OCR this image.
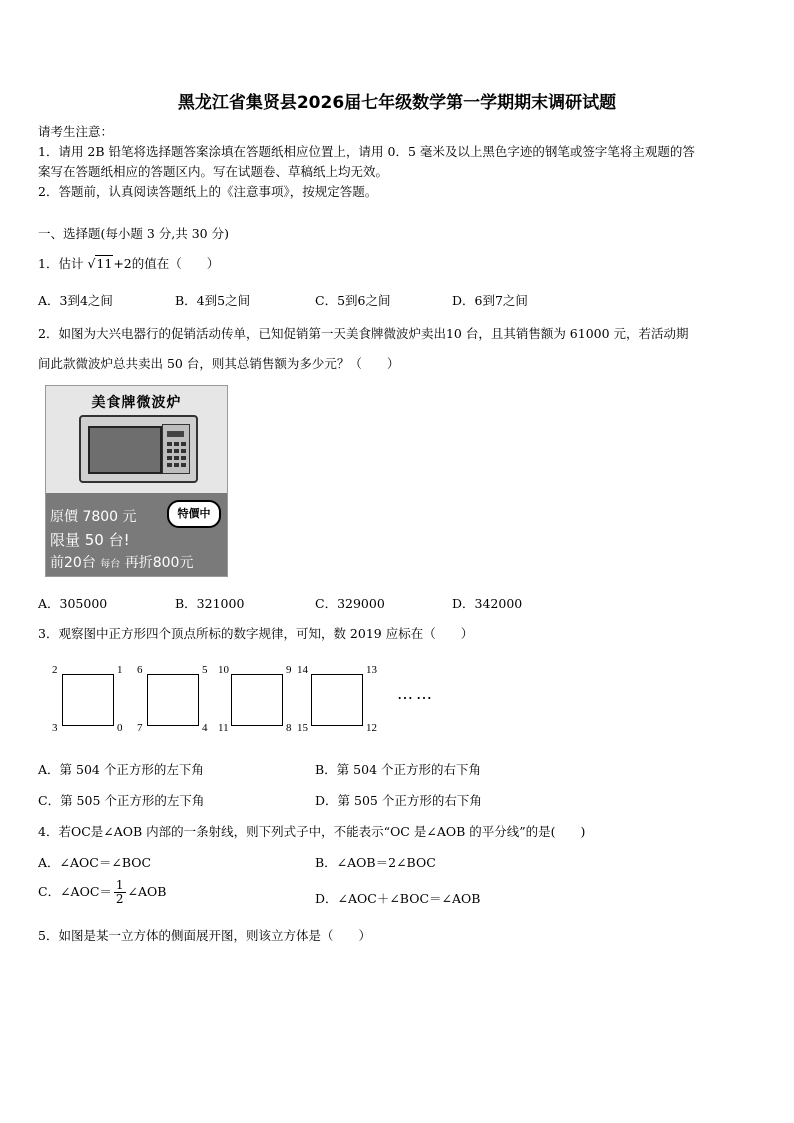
黑龙江省集贤县2026届七年级数学第一学期期末调研试题
请考生注意：
1．请用 2B 铅笔将选择题答案涂填在答题纸相应位置上，请用 0．5 毫米及以上黑色字迹的钢笔或签字笔将主观题的答
案写在答题纸相应的答题区内。写在试题卷、草稿纸上均无效。
2．答题前，认真阅读答题纸上的《注意事项》，按规定答题。
一、选择题(每小题 3 分,共 30 分)
1．估计 √11+2的值在（　　）
A．3到4之间	B．4到5之间	C．5到6之间	D．6到7之间
2．如图为大兴电器行的促销活动传单，已知促销第一天美食牌微波炉卖出10 台，且其销售额为 61000 元，若活动期
间此款微波炉总共卖出 50 台，则其总销售额为多少元？（　　）
美食牌微波炉
原價 7800 元	特價中
限量 50 台!
前20台 每台 再折800元
A．305000	B．321000	C．329000	D．342000
3．观察图中正方形四个顶点所标的数字规律，可知，数 2019 应标在（　　）
2	1
3	0
6	5
7	4
10	9
11	8
14	13
15	12
……
A．第 504 个正方形的左下角	B．第 504 个正方形的右下角
C．第 505 个正方形的左下角	D．第 505 个正方形的右下角
4．若OC是∠AOB 内部的一条射线，则下列式子中，不能表示“OC 是∠AOB 的平分线”的是(　　)
A．∠AOC＝∠BOC	B．∠AOB＝2∠BOC
C．∠AOC＝ $\frac{1}{2}$ ∠AOB	D．∠AOC＋∠BOC＝∠AOB
5．如图是某一立方体的侧面展开图，则该立方体是（　　）
